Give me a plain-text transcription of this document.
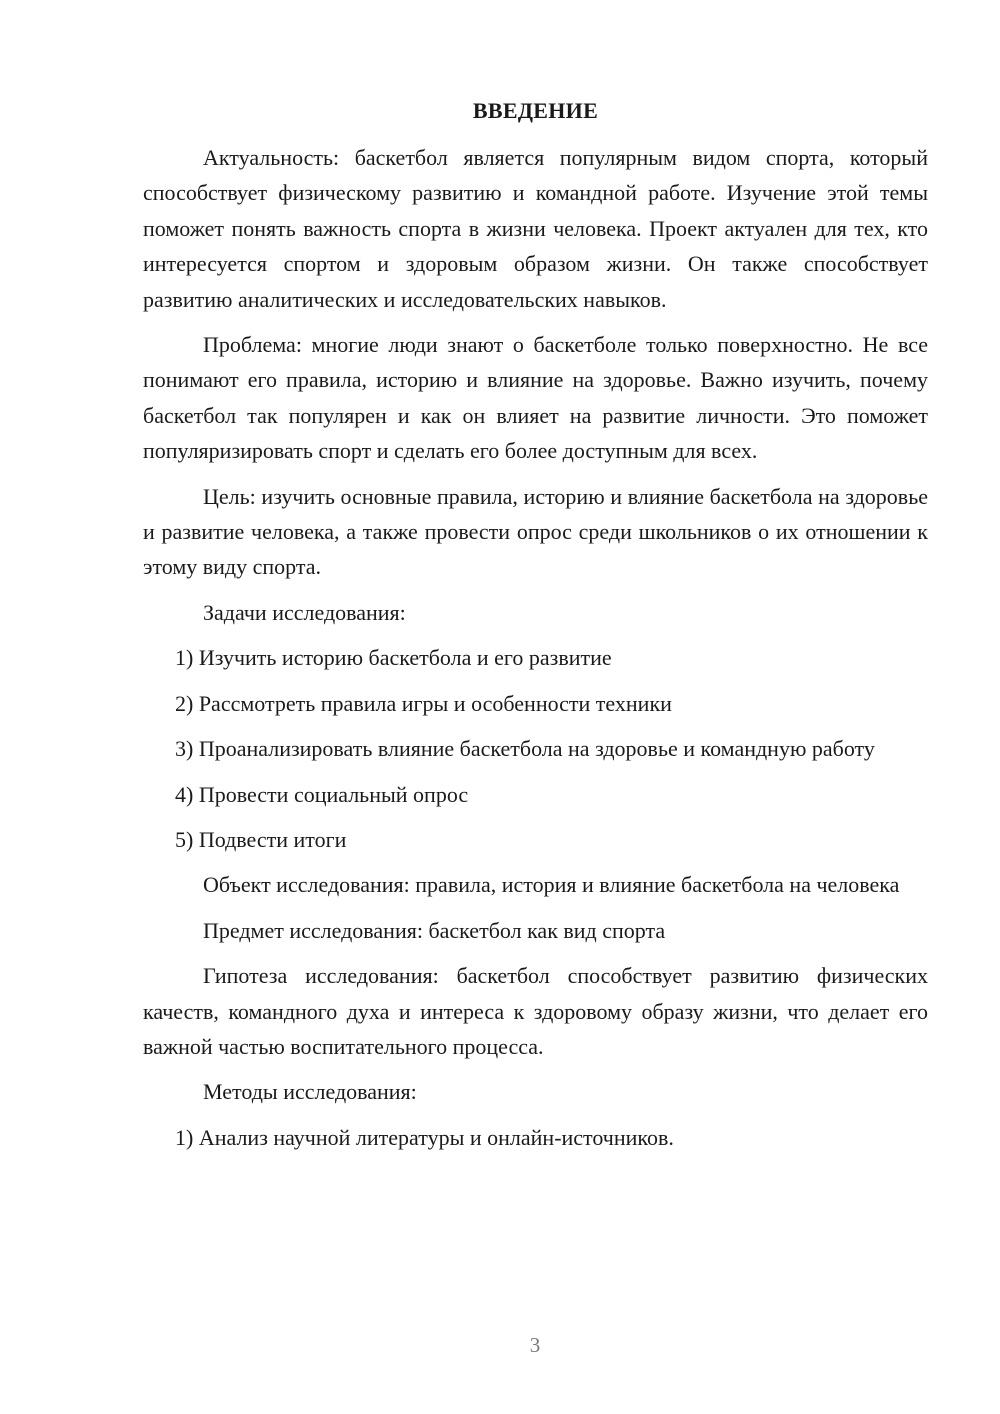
ВВЕДЕНИЕ

Актуальность: баскетбол является популярным видом спорта, который способствует физическому развитию и командной работе. Изучение этой темы поможет понять важность спорта в жизни человека. Проект актуален для тех, кто интересуется спортом и здоровым образом жизни. Он также способствует развитию аналитических и исследовательских навыков.

Проблема: многие люди знают о баскетболе только поверхностно. Не все понимают его правила, историю и влияние на здоровье. Важно изучить, почему баскетбол так популярен и как он влияет на развитие личности. Это поможет популяризировать спорт и сделать его более доступным для всех.

Цель: изучить основные правила, историю и влияние баскетбола на здоровье и развитие человека, а также провести опрос среди школьников о их отношении к этому виду спорта.

Задачи исследования:

1) Изучить историю баскетбола и его развитие

2) Рассмотреть правила игры и особенности техники

3) Проанализировать влияние баскетбола на здоровье и командную работу

4) Провести социальный опрос

5) Подвести итоги

Объект исследования: правила, история и влияние баскетбола на человека

Предмет исследования: баскетбол как вид спорта

Гипотеза исследования: баскетбол способствует развитию физических качеств, командного духа и интереса к здоровому образу жизни, что делает его важной частью воспитательного процесса.

Методы исследования:

1) Анализ научной литературы и онлайн-источников.

3
